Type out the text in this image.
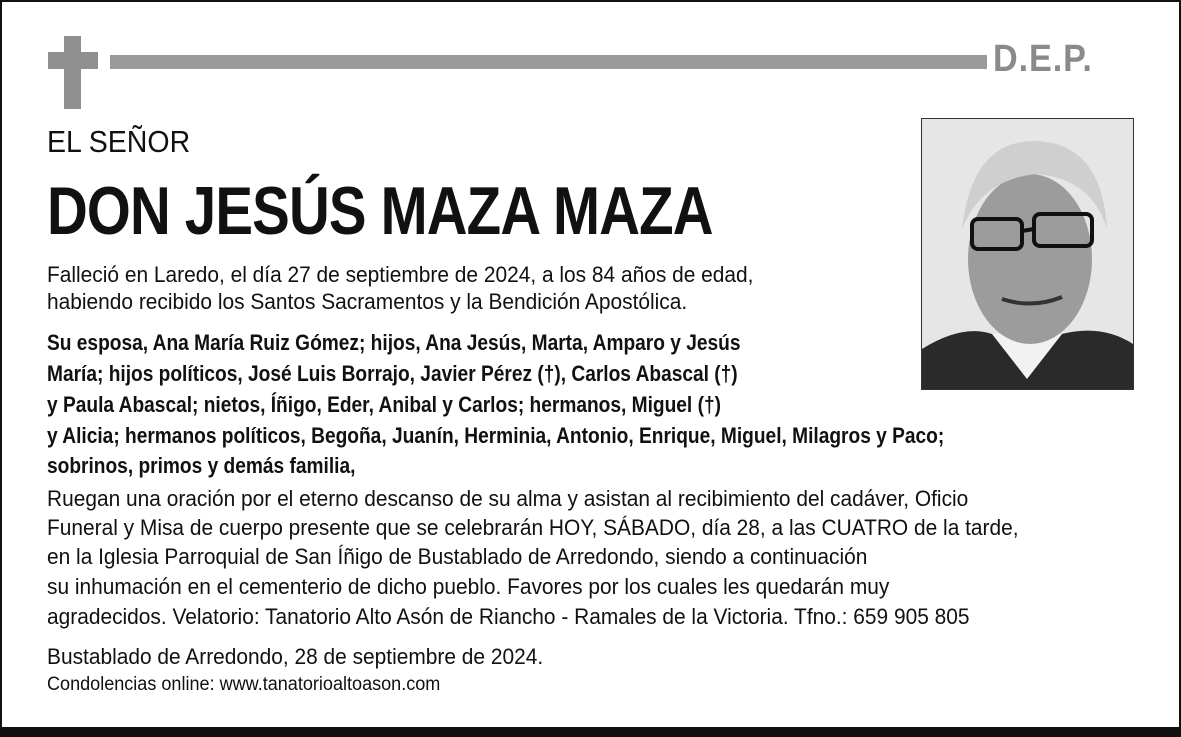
D.E.P.
EL SEÑOR
DON JESÚS MAZA MAZA
Falleció en Laredo, el día 27 de septiembre de 2024, a los 84 años de edad,
habiendo recibido los Santos Sacramentos y la Bendición Apostólica.
Su esposa, Ana María Ruiz Gómez; hijos, Ana Jesús, Marta, Amparo y Jesús
María; hijos políticos, José Luis Borrajo, Javier Pérez (†), Carlos Abascal (†)
y Paula Abascal; nietos, Íñigo, Eder, Anibal y Carlos; hermanos, Miguel (†)
y Alicia; hermanos políticos, Begoña, Juanín, Herminia, Antonio, Enrique, Miguel, Milagros y Paco;
sobrinos, primos y demás familia,
Ruegan una oración por el eterno descanso de su alma y asistan al recibimiento del cadáver, Oficio
Funeral y Misa de cuerpo presente que se celebrarán HOY, SÁBADO, día 28, a las CUATRO de la tarde,
en la Iglesia Parroquial de San Íñigo de Bustablado de Arredondo, siendo a continuación
su inhumación en el cementerio de dicho pueblo. Favores por los cuales les quedarán muy
agradecidos. Velatorio: Tanatorio Alto Asón de Riancho - Ramales de la Victoria. Tfno.: 659 905 805
Bustablado de Arredondo, 28 de septiembre de 2024.
Condolencias online: www.tanatorioaltoason.com
